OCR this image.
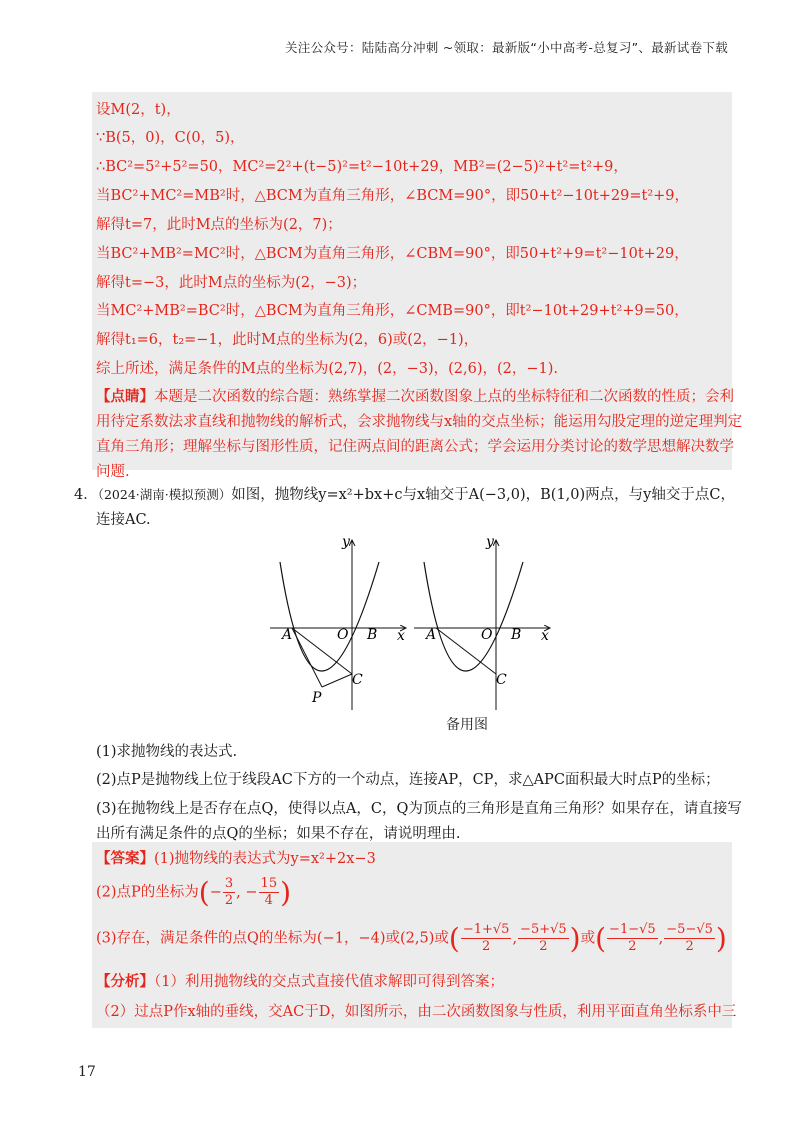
关注公众号：陆陆高分冲刺 ~领取：最新版“小中高考-总复习”、最新试卷下载
设M(2，t)，
∵B(5，0)，C(0，5)，
∴BC²=5²+5²=50，MC²=2²+(t−5)²=t²−10t+29，MB²=(2−5)²+t²=t²+9，
当BC²+MC²=MB²时，△BCM为直角三角形，∠BCM=90°，即50+t²−10t+29=t²+9，
解得t=7，此时M点的坐标为(2，7)；
当BC²+MB²=MC²时，△BCM为直角三角形，∠CBM=90°，即50+t²+9=t²−10t+29，
解得t=−3，此时M点的坐标为(2，−3)；
当MC²+MB²=BC²时，△BCM为直角三角形，∠CMB=90°，即t²−10t+29+t²+9=50，
解得t₁=6，t₂=−1，此时M点的坐标为(2，6)或(2，−1)，
综上所述，满足条件的M点的坐标为(2,7)，(2，−3)，(2,6)，(2，−1).
【点睛】本题是二次函数的综合题：熟练掌握二次函数图象上点的坐标特征和二次函数的性质；会利
用待定系数法求直线和抛物线的解析式，会求抛物线与x轴的交点坐标；能运用勾股定理的逆定理判定
直角三角形；理解坐标与图形性质，记住两点间的距离公式；学会运用分类讨论的数学思想解决数学
问题.
4．（2024·湖南·模拟预测）如图，抛物线y=x²+bx+c与x轴交于A(−3,0)，B(1,0)两点，与y轴交于点C，
连接AC.
y
x
A	O B
C
P
y
x
A	O B
C
备用图
(1)求抛物线的表达式.
(2)点P是抛物线上位于线段AC下方的一个动点，连接AP，CP，求△APC面积最大时点P的坐标；
(3)在抛物线上是否存在点Q，使得以点A，C，Q为顶点的三角形是直角三角形？如果存在，请直接写
出所有满足条件的点Q的坐标；如果不存在，请说明理由.
【答案】(1)抛物线的表达式为y=x²+2x−3
(2)点P的坐标为(− $\frac{3}{2}$ , − $\frac{15}{4}$ )
(3)存在，满足条件的点Q的坐标为(−1，−4)或(2,5)或( $\frac{-1+√5}{2}$ , $\frac{-5+√5}{2}$ )或( $\frac{-1-√5}{2}$ , $\frac{-5-√5}{2}$ )
【分析】（1）利用抛物线的交点式直接代值求解即可得到答案；
（2）过点P作x轴的垂线，交AC于D，如图所示，由二次函数图象与性质，利用平面直角坐标系中三
17
